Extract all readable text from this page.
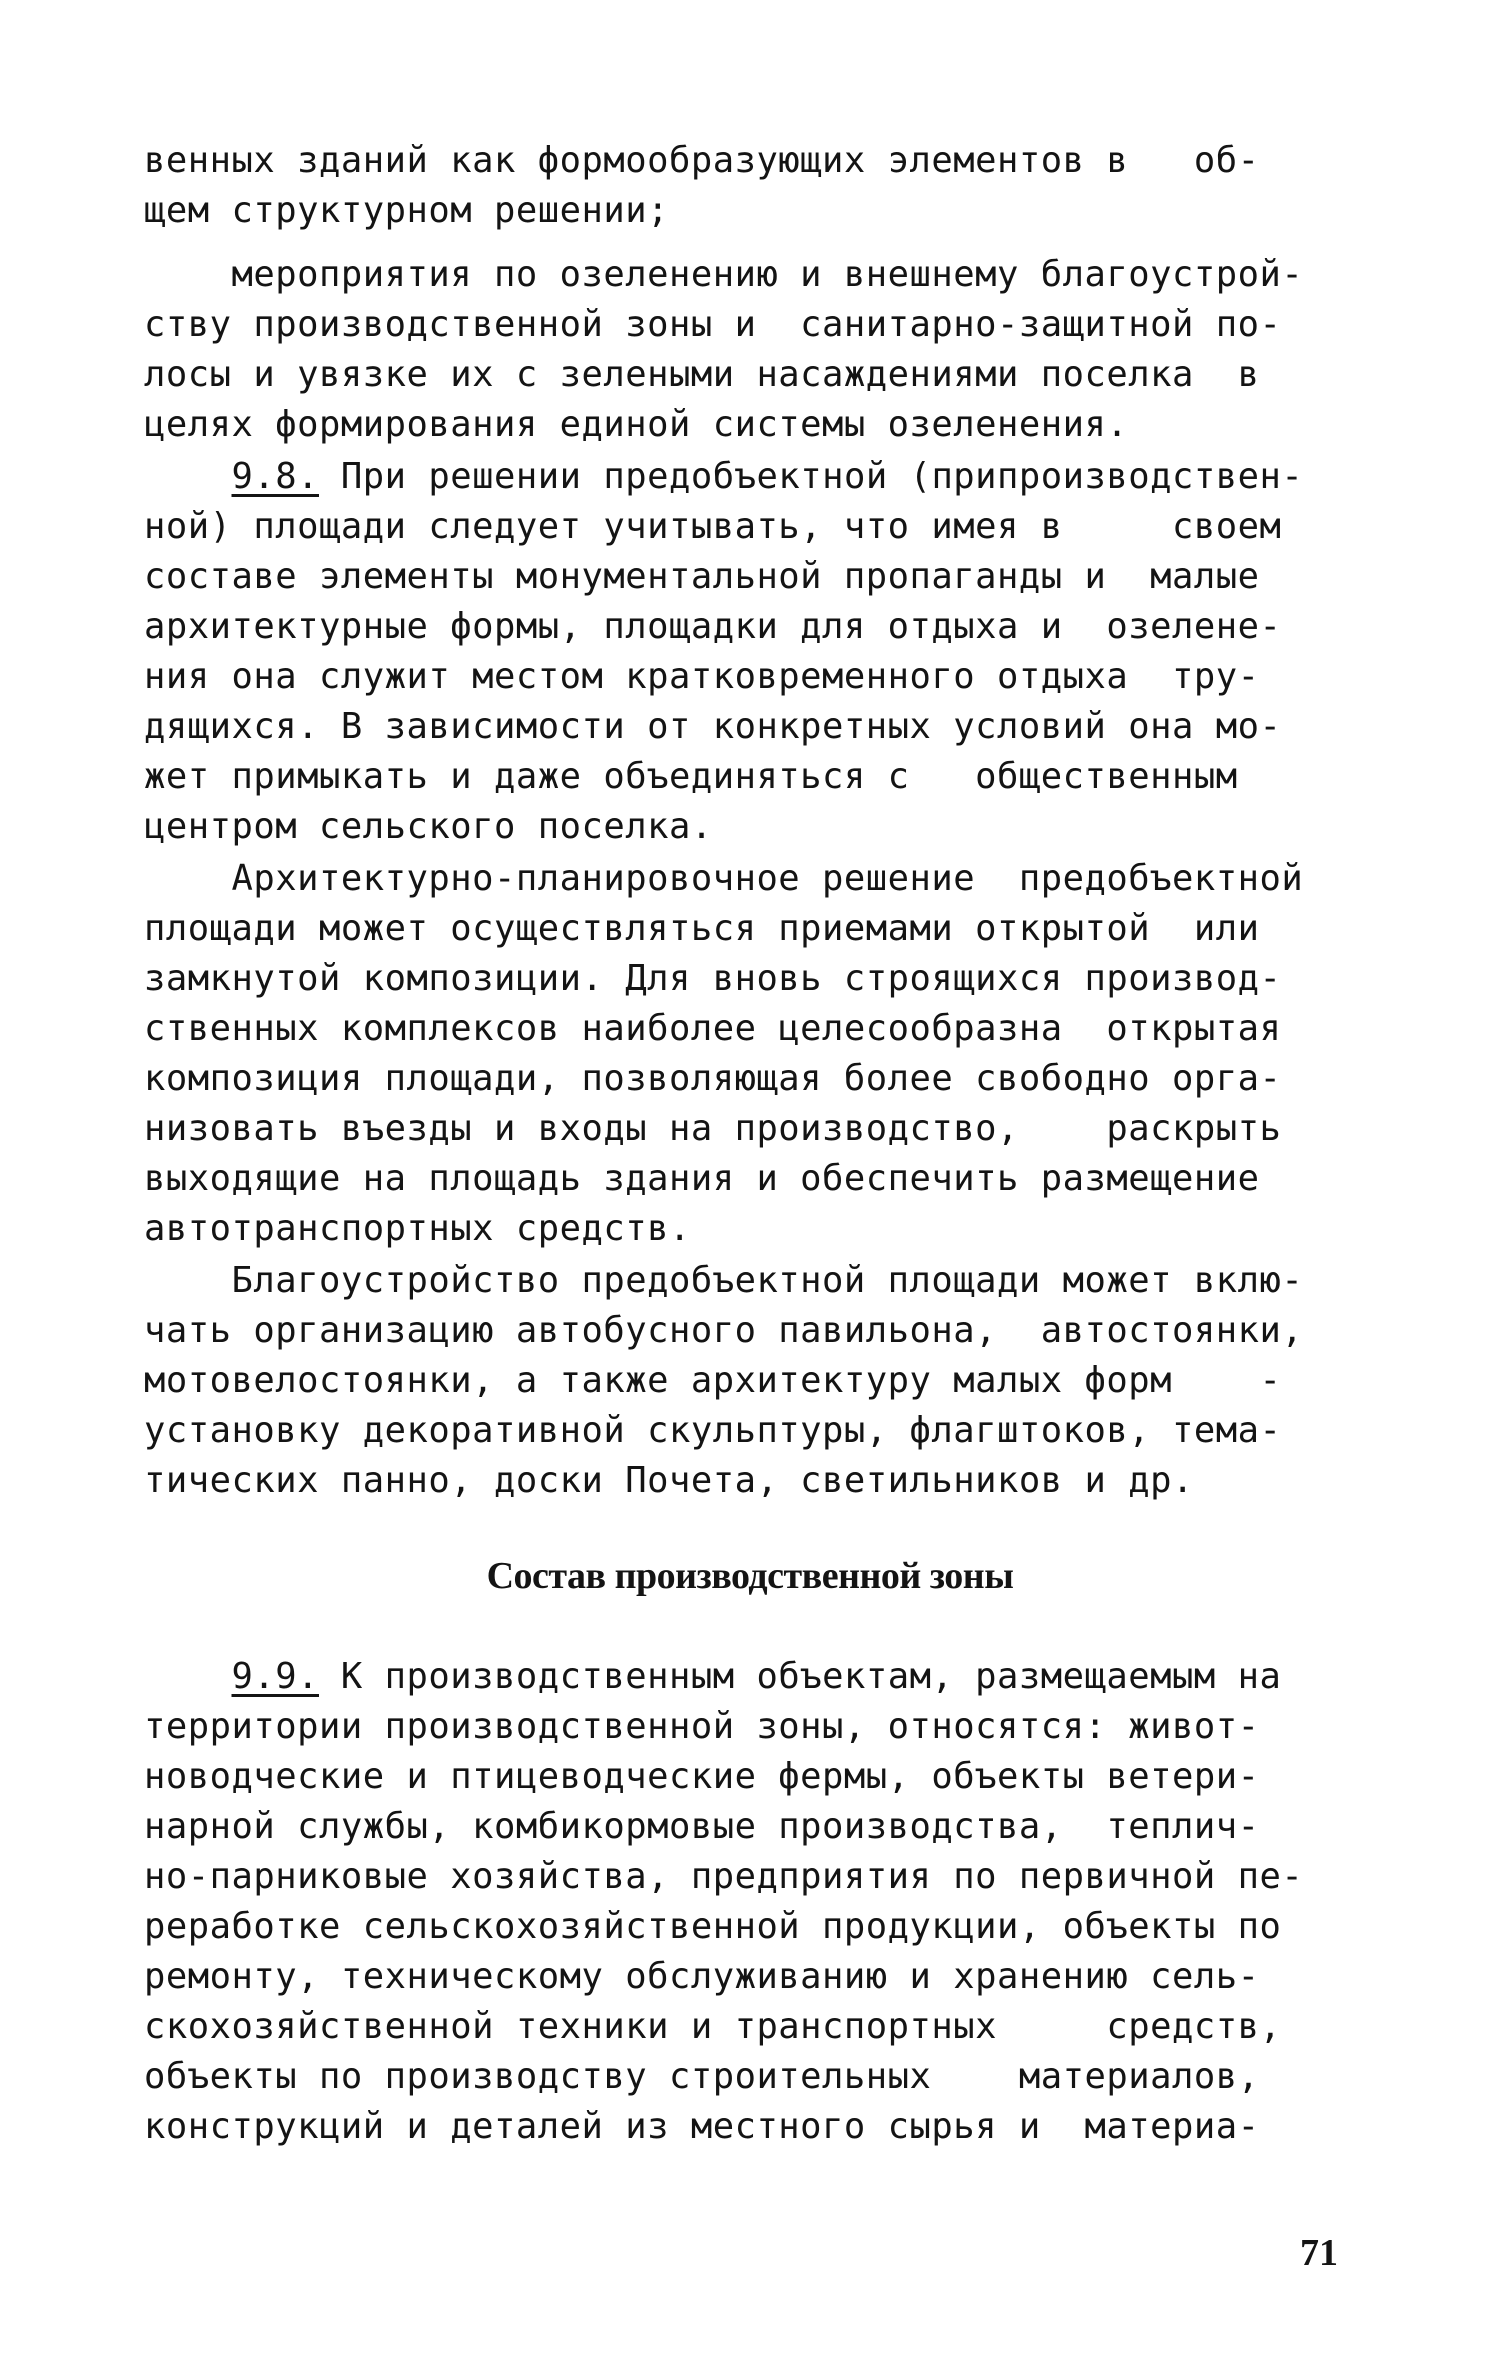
венных зданий как формообразующих элементов в   об-
щем структурном решении;
мероприятия по озеленению и внешнему благоустрой-
ству производственной зоны и  санитарно-защитной по-
лосы и увязке их с зелеными насаждениями поселка  в
целях формирования единой системы озеленения.
9.8. При решении предобъектной (припроизводствен-
ной) площади следует учитывать, что имея в     своем
составе элементы монументальной пропаганды и  малые
архитектурные формы, площадки для отдыха и  озелене-
ния она служит местом кратковременного отдыха  тру-
дящихся. В зависимости от конкретных условий она мо-
жет примыкать и даже объединяться с   общественным
центром сельского поселка.
Архитектурно-планировочное решение  предобъектной
площади может осуществляться приемами открытой  или
замкнутой композиции. Для вновь строящихся производ-
ственных комплексов наиболее целесообразна  открытая
композиция площади, позволяющая более свободно орга-
низовать въезды и входы на производство,    раскрыть
выходящие на площадь здания и обеспечить размещение
автотранспортных средств.
Благоустройство предобъектной площади может вклю-
чать организацию автобусного павильона,  автостоянки,
мотовелостоянки, а также архитектуру малых форм    -
установку декоративной скульптуры, флагштоков, тема-
тических панно, доски Почета, светильников и др.
Состав производственной зоны
9.9. К производственным объектам, размещаемым на
территории производственной зоны, относятся: живот-
новодческие и птицеводческие фермы, объекты ветери-
нарной службы, комбикормовые производства,  теплич-
но-парниковые хозяйства, предприятия по первичной пе-
реработке сельскохозяйственной продукции, объекты по
ремонту, техническому обслуживанию и хранению сель-
скохозяйственной техники и транспортных     средств,
объекты по производству строительных    материалов,
конструкций и деталей из местного сырья и  материа-
71
